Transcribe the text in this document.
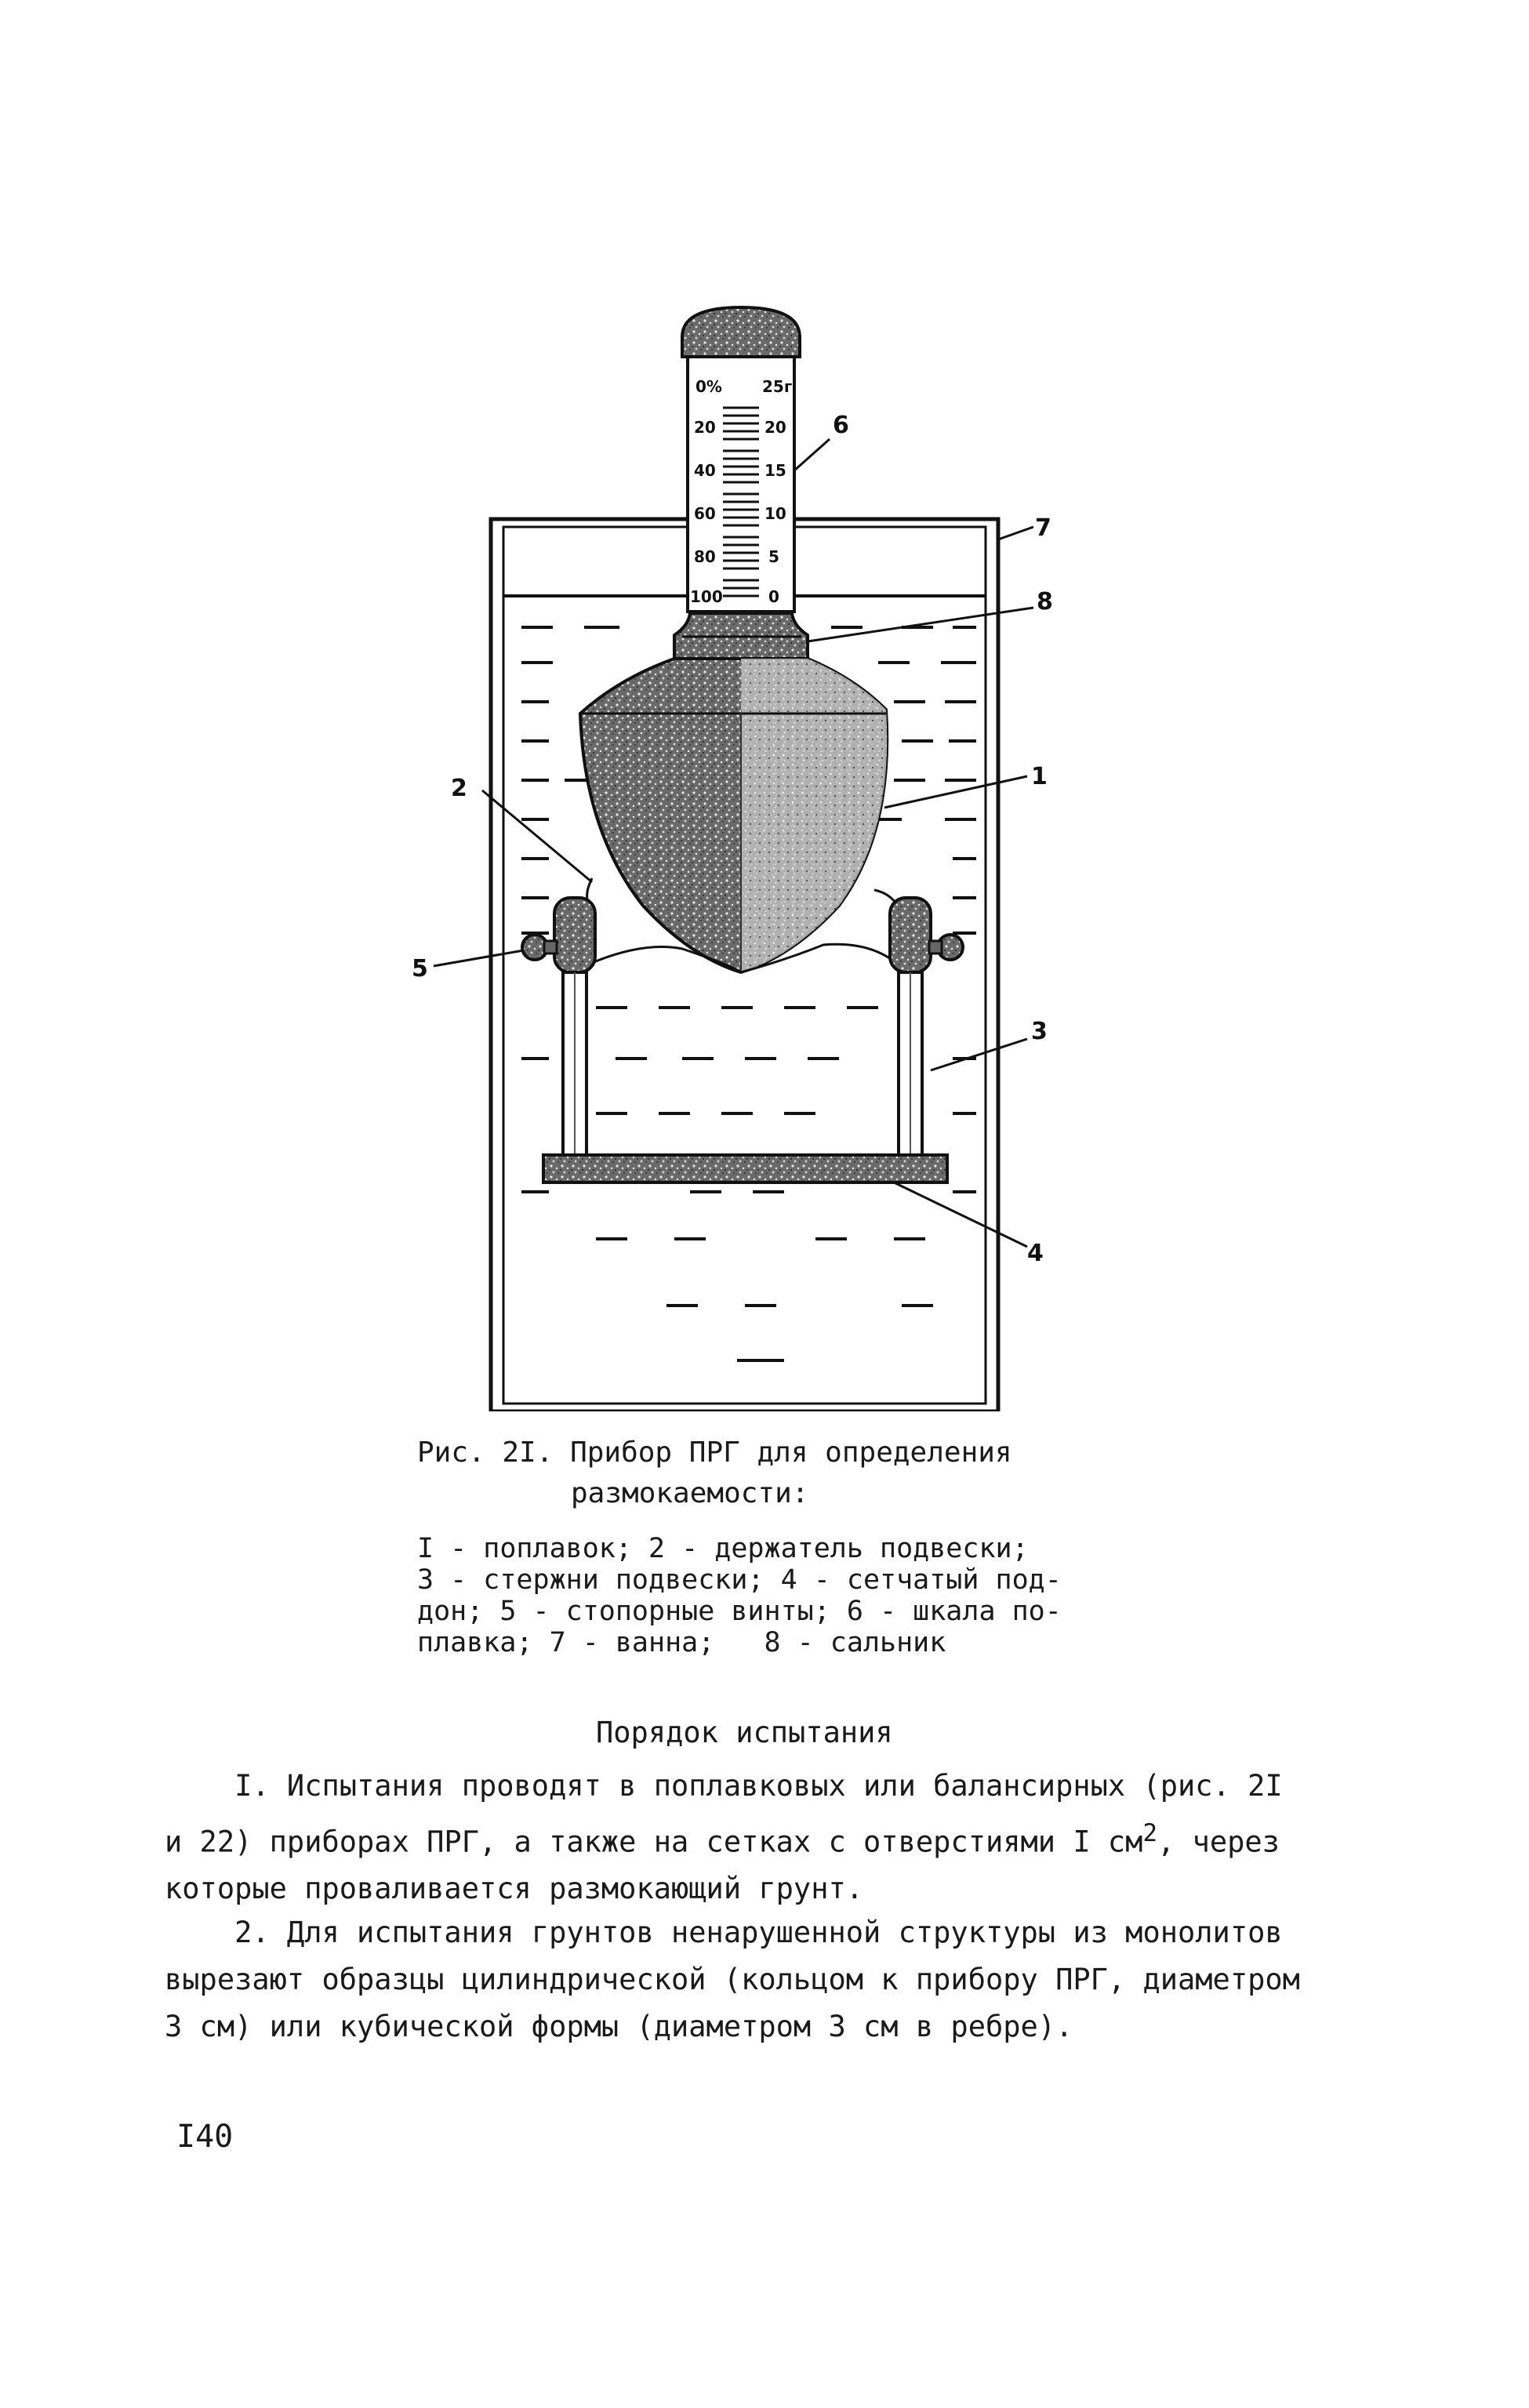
0%
20
40
60
80
100
25г
20
15
10
5
0
6
7
8
1
2
5
3
4
Рис. 2I. Прибор ПРГ для определения
размокаемости:
I - поплавок; 2 - держатель подвески;
3 - стержни подвески; 4 - сетчатый под-
дон; 5 - стопорные винты; 6 - шкала по-
плавка; 7 - ванна;   8 - сальник
Порядок испытания
I. Испытания проводят в поплавковых или балансирных (рис. 2I
и 22) приборах ПРГ, а также на сетках с отверстиями I $см^2$, через
которые проваливается размокающий грунт.
2. Для испытания грунтов ненарушенной структуры из монолитов
вырезают образцы цилиндрической (кольцом к прибору ПРГ, диаметром
3 см) или кубической формы (диаметром 3 см в ребре).
I40
